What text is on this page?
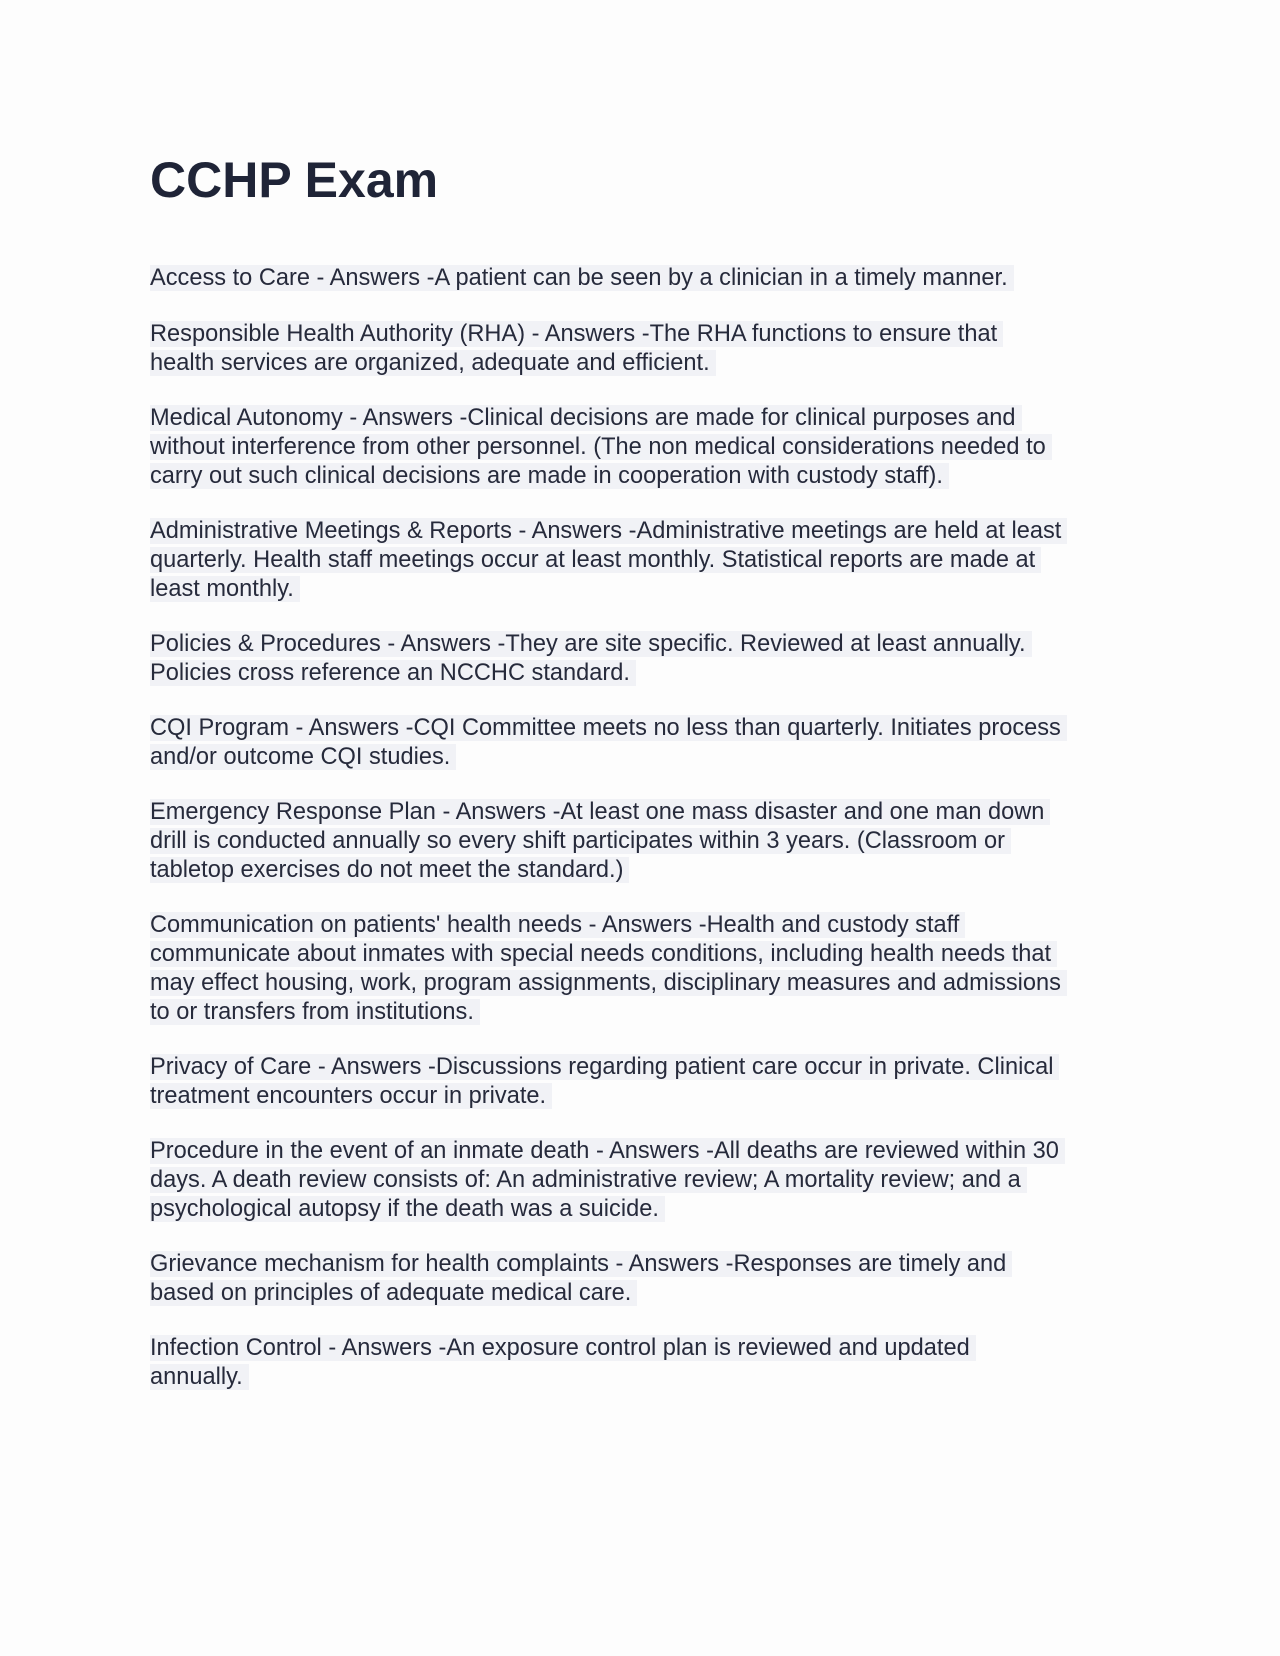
CCHP Exam

Access to Care - Answers -A patient can be seen by a clinician in a timely manner.

Responsible Health Authority (RHA) - Answers -The RHA functions to ensure that
health services are organized, adequate and efficient.

Medical Autonomy - Answers -Clinical decisions are made for clinical purposes and
without interference from other personnel. (The non medical considerations needed to
carry out such clinical decisions are made in cooperation with custody staff).

Administrative Meetings & Reports - Answers -Administrative meetings are held at least
quarterly. Health staff meetings occur at least monthly. Statistical reports are made at
least monthly.

Policies & Procedures - Answers -They are site specific. Reviewed at least annually.
Policies cross reference an NCCHC standard.

CQI Program - Answers -CQI Committee meets no less than quarterly. Initiates process
and/or outcome CQI studies.

Emergency Response Plan - Answers -At least one mass disaster and one man down
drill is conducted annually so every shift participates within 3 years. (Classroom or
tabletop exercises do not meet the standard.)

Communication on patients' health needs - Answers -Health and custody staff
communicate about inmates with special needs conditions, including health needs that
may effect housing, work, program assignments, disciplinary measures and admissions
to or transfers from institutions.

Privacy of Care - Answers -Discussions regarding patient care occur in private. Clinical
treatment encounters occur in private.

Procedure in the event of an inmate death - Answers -All deaths are reviewed within 30
days. A death review consists of: An administrative review; A mortality review; and a
psychological autopsy if the death was a suicide.

Grievance mechanism for health complaints - Answers -Responses are timely and
based on principles of adequate medical care.

Infection Control - Answers -An exposure control plan is reviewed and updated
annually.
